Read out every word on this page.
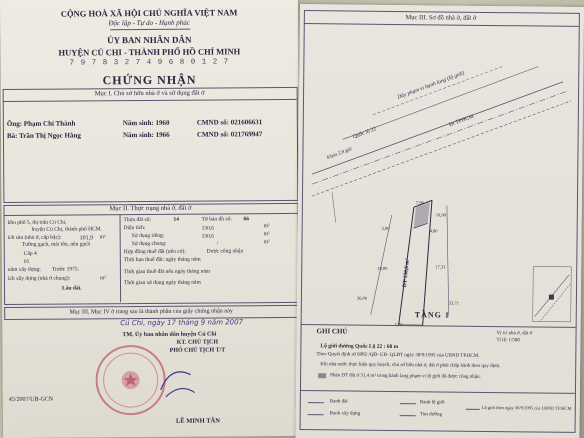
CỘNG HOÀ XÃ HỘI CHỦ NGHĨA VIỆT NAM
Độc lập - Tự do - Hạnh phúc
ỦY BAN NHÂN DÂN
HUYỆN CỦ CHI - THÀNH PHỐ HỒ CHÍ MINH
7 9 7 8 3 2 7 4 9 6 8 0 1 2 7
CHỨNG NHẬN
Mục I. Chủ sở hữu nhà ở và sử dụng đất ở
Ông: Phạm Chí Thành	Năm sinh: 1960	CMND số: 021606631
Bà: Trần Thị Ngọc Hằng	Năm sinh: 1966	CMND số: 021769947
Mục II. Thực trạng nhà ở, đất ở
khu phố 5, thị trấn Củ Chi,
huyện Củ Chi, thành phố HCM.
ích sàn (nhà ở, cấp bậc):	101,9 m²
Tường gạch, mái tôn, nền gạch
Cấp 4
01
năm xây dựng: Trước 1975.
ích xây dựng (nhà ở chung):	m²
Lâu dài.
Thửa đất số:	14	Tờ bản đồ số: 66
Diện tích:	150,6	m²
Sử dụng riêng:	150,6	m²
Sử dụng chung:	/	m²
Hợp đồng thuê đất (nếu có):	Được công nhận
Thời hạn thuê đất: ngày tháng năm
Thời gian thuê đất nếu ngày tháng năm
Thời gian sử dụng ngày tháng năm
Mục III, Mục IV ở trang sau là thành phần của giấy chứng nhận này
Củ Chi, ngày 17 tháng 9 năm 2007
TM. Ủy ban nhân dân huyện Củ Chi
KT. CHỦ TỊCH
PHÓ CHỦ TỊCH T/T
45/2007/UB-GCN
LÊ MINH TÂN
Mục III. Sơ đồ nhà ở, đất ở
Dây phạm vi hạnh lang (lộ giới)
Quốc lộ 22
Đi TPHCM
Khóa 2,8 giờ
DT 150,6 m²
5,00	4,80
7,90
10,90
18,00	17,33
36,00
33,71
TẦNG 1
GHI CHÚ	Vị trí nhà ở, đất ở
Tỉ lệ: 1/500
Lộ giới đường Quốc Lộ 22 : 60 m
Theo Quyết định số 6982 /QĐ- UB- QLĐT ngày 30/9/1995 của UBND TP.HCM.
Khi nhà nước thực hiện quy hoạch, chủ sở hữu nhà ở, đất ở phải chấp hành theo quy định.
Phần DT đất ở 31,4 m² trong hành lang phạm vi lộ giới đã được công nhận.
Ranh đất
Ranh xây dựng
Ranh lộ giới
Tim đường
Lộ giới theo ngày 30/9/1995 của UBND TP.HCM
